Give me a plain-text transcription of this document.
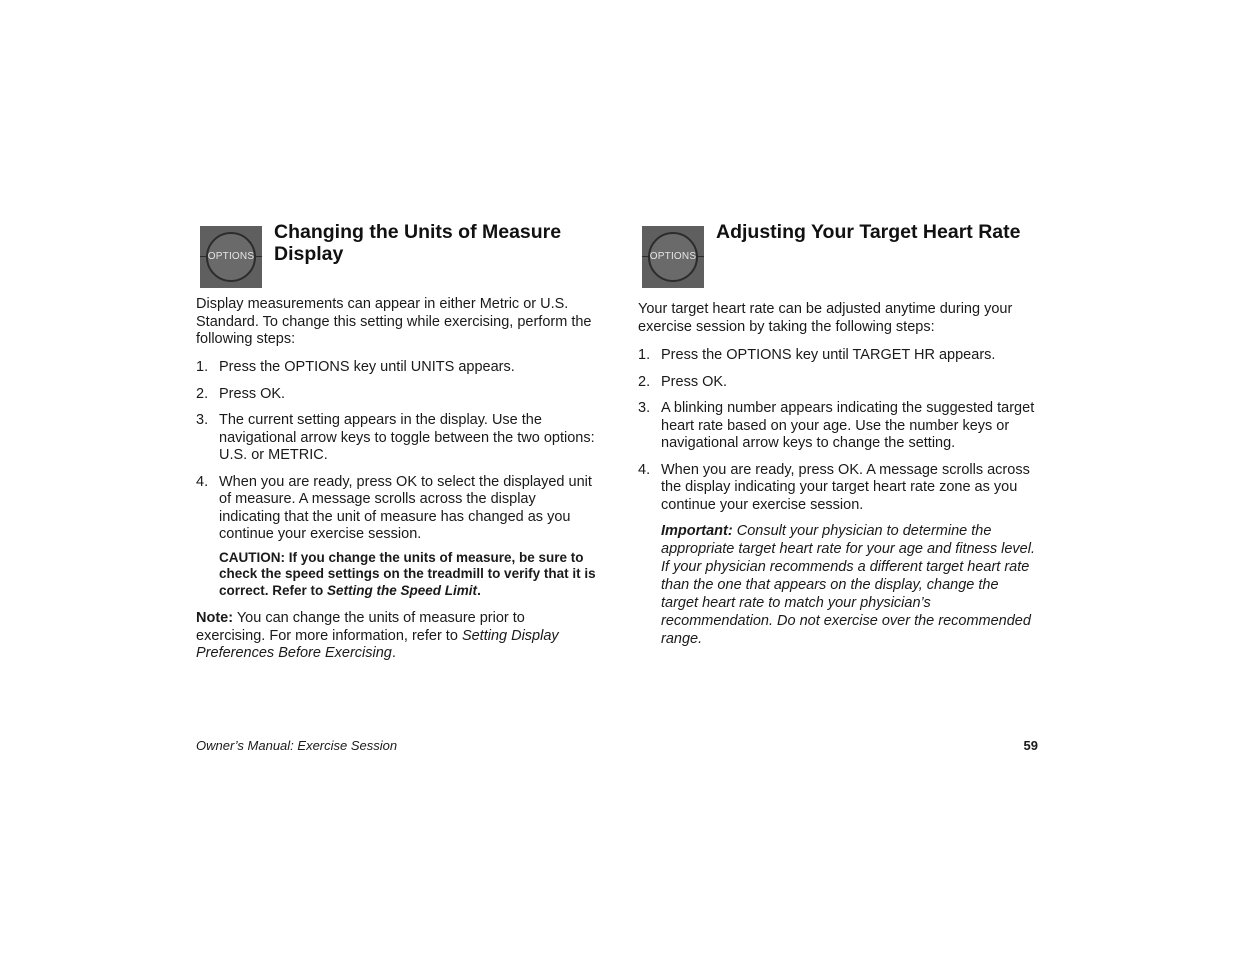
OPTIONS
Changing the Units of Measure Display

Display measurements can appear in either Metric or U.S. Standard. To change this setting while exercising, perform the following steps:

1. Press the OPTIONS key until UNITS appears.
2. Press OK.
3. The current setting appears in the display. Use the navigational arrow keys to toggle between the two options: U.S. or METRIC.
4. When you are ready, press OK to select the displayed unit of measure. A message scrolls across the display indicating that the unit of measure has changed as you continue your exercise session.
CAUTION: If you change the units of measure, be sure to check the speed settings on the treadmill to verify that it is correct. Refer to Setting the Speed Limit.

Note: You can change the units of measure prior to exercising. For more information, refer to Setting Display Preferences Before Exercising.

OPTIONS
Adjusting Your Target Heart Rate

Your target heart rate can be adjusted anytime during your exercise session by taking the following steps:

1. Press the OPTIONS key until TARGET HR appears.
2. Press OK.
3. A blinking number appears indicating the suggested target heart rate based on your age. Use the number keys or navigational arrow keys to change the setting.
4. When you are ready, press OK. A message scrolls across the display indicating your target heart rate zone as you continue your exercise session.
Important: Consult your physician to determine the appropriate target heart rate for your age and fitness level. If your physician recommends a different target heart rate than the one that appears on the display, change the target heart rate to match your physician’s recommendation. Do not exercise over the recommended range.
Owner’s Manual: Exercise Session	59
